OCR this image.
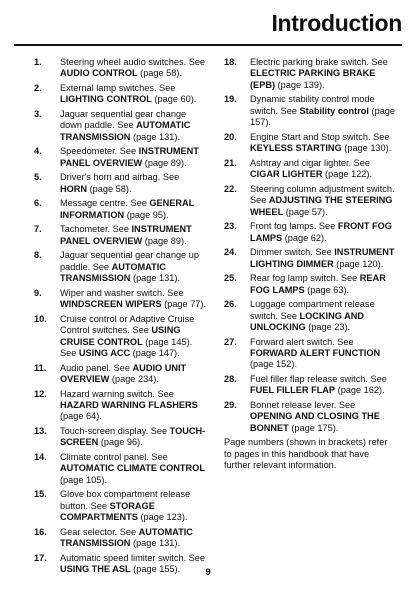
Introduction
1.	Steering wheel audio switches. See AUDIO CONTROL (page 58).
2.	External lamp switches. See LIGHTING CONTROL (page 60).
3.	Jaguar sequential gear change down paddle. See AUTOMATIC TRANSMISSION (page 131).
4.	Speedometer. See INSTRUMENT PANEL OVERVIEW (page 89).
5.	Driver's horn and airbag. See HORN (page 58).
6.	Message centre. See GENERAL INFORMATION (page 95).
7.	Tachometer. See INSTRUMENT PANEL OVERVIEW (page 89).
8.	Jaguar sequential gear change up paddle. See AUTOMATIC TRANSMISSION (page 131).
9.	Wiper and washer switch. See WINDSCREEN WIPERS (page 77).
10.	Cruise control or Adaptive Cruise Control switches. See USING CRUISE CONTROL (page 145). See USING ACC (page 147).
11.	Audio panel. See AUDIO UNIT OVERVIEW (page 234).
12.	Hazard warning switch. See HAZARD WARNING FLASHERS (page 64).
13.	Touch-screen display. See TOUCH-SCREEN (page 96).
14.	Climate control panel. See AUTOMATIC CLIMATE CONTROL (page 105).
15.	Glove box compartment release button. See STORAGE COMPARTMENTS (page 123).
16.	Gear selector. See AUTOMATIC TRANSMISSION (page 131).
17.	Automatic speed limiter switch. See USING THE ASL (page 155).
18.	Electric parking brake switch. See ELECTRIC PARKING BRAKE (EPB) (page 139).
19.	Dynamic stability control mode switch. See Stability control (page 157).
20.	Engine Start and Stop switch. See KEYLESS STARTING (page 130).
21.	Ashtray and cigar lighter. See CIGAR LIGHTER (page 122).
22.	Steering column adjustment switch. See ADJUSTING THE STEERING WHEEL (page 57).
23.	Front fog lamps. See FRONT FOG LAMPS (page 62).
24.	Dimmer switch. See INSTRUMENT LIGHTING DIMMER (page 120).
25.	Rear fog lamp switch. See REAR FOG LAMPS (page 63).
26.	Luggage compartment release switch. See LOCKING AND UNLOCKING (page 23).
27.	Forward alert switch. See FORWARD ALERT FUNCTION (page 152).
28.	Fuel filler flap release switch. See FUEL FILLER FLAP (page 162).
29.	Bonnet release lever. See OPENING AND CLOSING THE BONNET (page 175).
Page numbers (shown in brackets) refer to pages in this handbook that have further relevant information.
9
